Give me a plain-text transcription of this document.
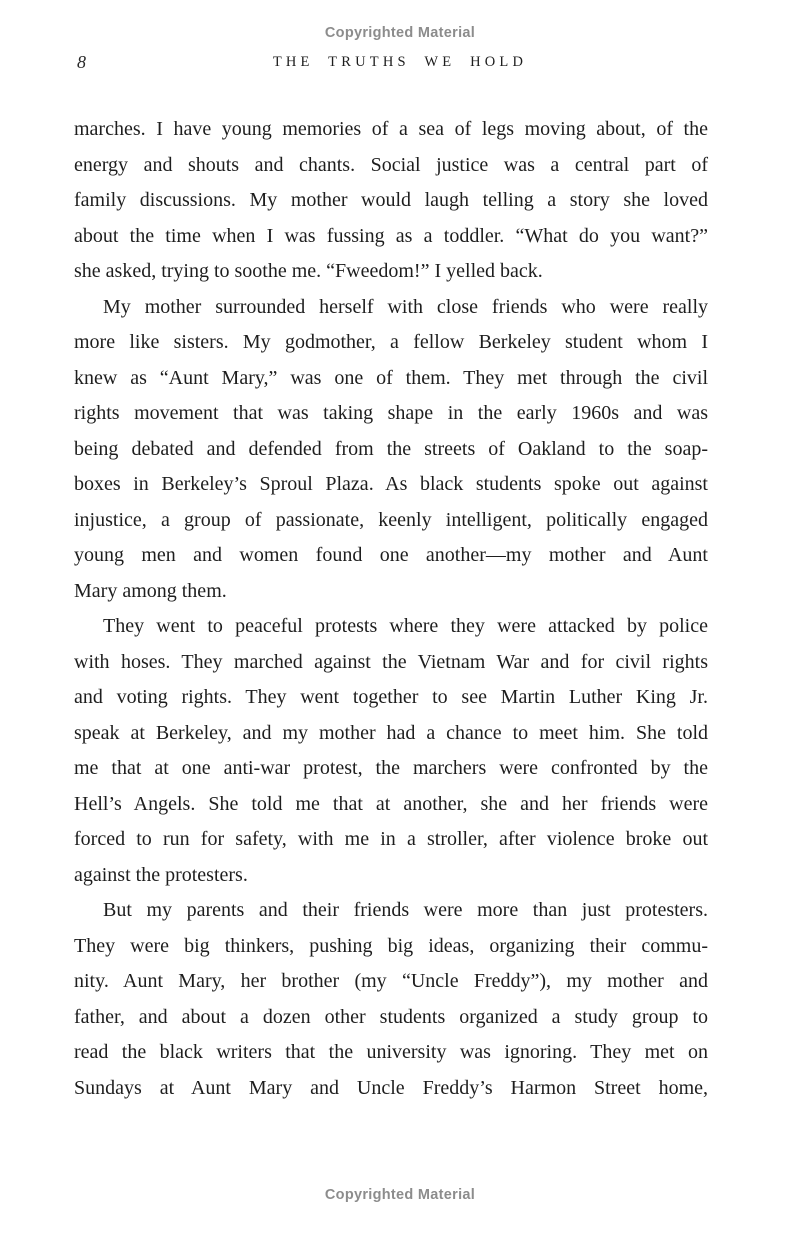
Copyrighted Material
8	THE TRUTHS WE HOLD
marches. I have young memories of a sea of legs moving about, of the
energy and shouts and chants. Social justice was a central part of
family discussions. My mother would laugh telling a story she loved
about the time when I was fussing as a toddler. “What do you want?”
she asked, trying to soothe me. “Fweedom!” I yelled back.
My mother surrounded herself with close friends who were really
more like sisters. My godmother, a fellow Berkeley student whom I
knew as “Aunt Mary,” was one of them. They met through the civil
rights movement that was taking shape in the early 1960s and was
being debated and defended from the streets of Oakland to the soap-
boxes in Berkeley’s Sproul Plaza. As black students spoke out against
injustice, a group of passionate, keenly intelligent, politically engaged
young men and women found one another—my mother and Aunt
Mary among them.
They went to peaceful protests where they were attacked by police
with hoses. They marched against the Vietnam War and for civil rights
and voting rights. They went together to see Martin Luther King Jr.
speak at Berkeley, and my mother had a chance to meet him. She told
me that at one anti-war protest, the marchers were confronted by the
Hell’s Angels. She told me that at another, she and her friends were
forced to run for safety, with me in a stroller, after violence broke out
against the protesters.
But my parents and their friends were more than just protesters.
They were big thinkers, pushing big ideas, organizing their commu-
nity. Aunt Mary, her brother (my “Uncle Freddy”), my mother and
father, and about a dozen other students organized a study group to
read the black writers that the university was ignoring. They met on
Sundays at Aunt Mary and Uncle Freddy’s Harmon Street home,
Copyrighted Material
